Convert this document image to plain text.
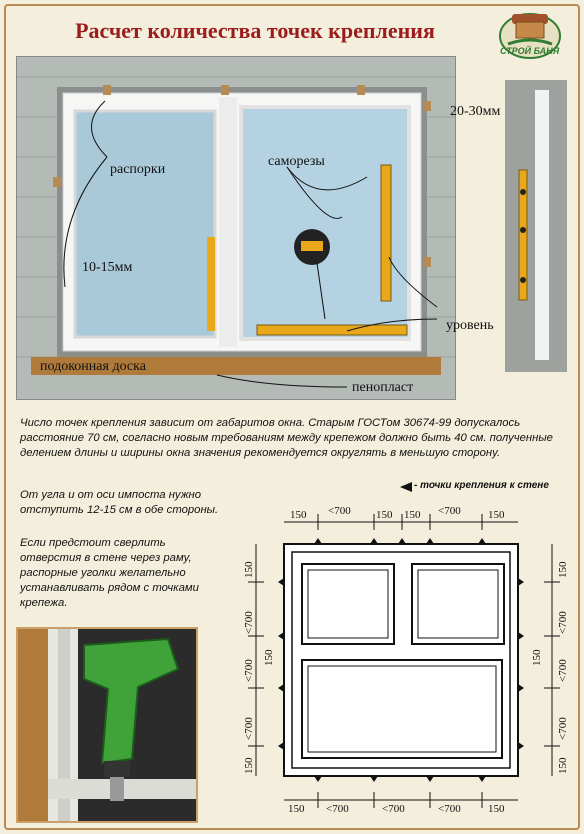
Расчет количества точек крепления
СТРОЙ БАНЯ
20-30мм
распорки
саморезы
10-15мм
уровень
подоконная доска
пенопласт
Число точек крепления зависит от габаритов окна. Старым ГОСТом 30674-99 допускалось расстояние 70 см, согласно новым требованиям между крепежом должно быть 40 см. полученные делением длины и ширины окна значения рекомендуется округлять в меньшую сторону.
От угла и от оси импоста нужно отступить 12-15 см в обе стороны.
Если предстоит сверлить отверстия в стене через раму, распорные уголки желательно устанавливать рядом с точками крепежа.
- точки крепления к стене
150 <700 150 150 <700 150
150 <700	<700	<700 150
150
<700
<700
<700
150
150
150
<700
<700
<700
150
150
